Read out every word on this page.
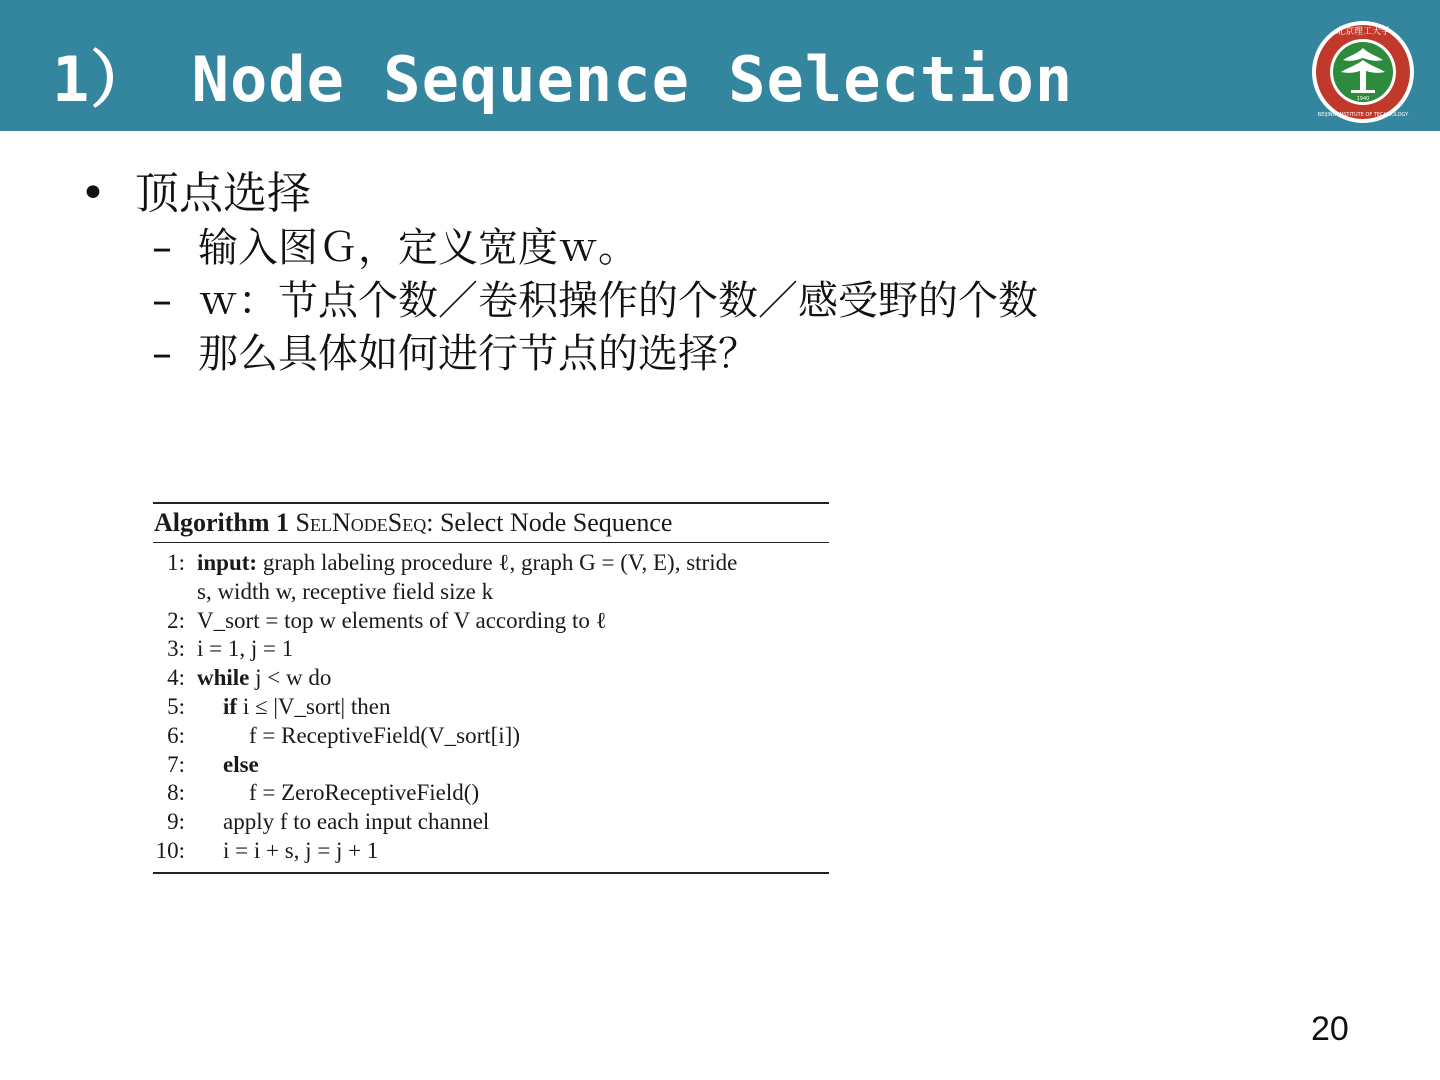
1） Node Sequence Selection
北京理工大学
1940
BEIJING INSTITUTE OF TECHNOLOGY
• 顶点选择
– 输入图Ｇ，定义宽度ｗ。
– ｗ：节点个数／卷积操作的个数／感受野的个数
– 那么具体如何进行节点的选择？
Algorithm 1 SelNodeSeq: Select Node Sequence
1: input: graph labeling procedure ℓ, graph G = (V, E), stride
s, width w, receptive field size k
2: V_sort = top w elements of V according to ℓ
3: i = 1, j = 1
4: while j < w do
5: if i ≤ |V_sort| then
6:	f = ReceptiveField(V_sort[i])
7: else
8:	f = ZeroReceptiveField()
9: apply f to each input channel
10: i = i + s, j = j + 1
20
